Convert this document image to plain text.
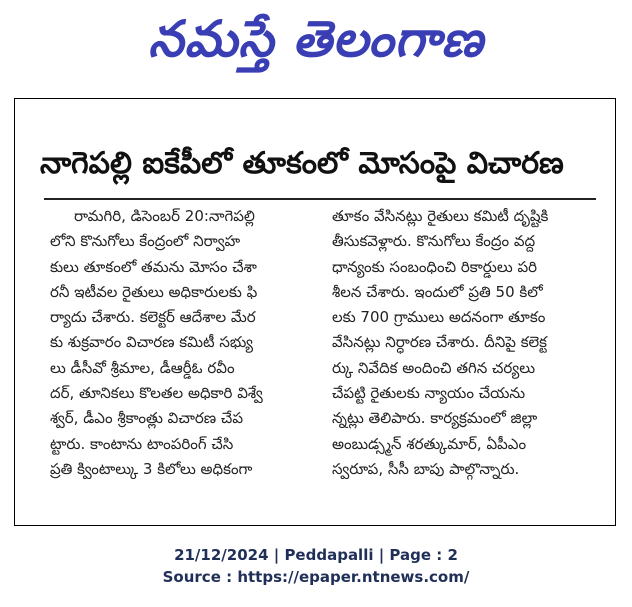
నమస్తే తెలంగాణ
నాగెపల్లి ఐకేపీలో తూకంలో మోసంపై విచారణ
రామగిరి, డిసెంబర్ 20:నాగెపల్లి
లోని కొనుగోలు కేంద్రంలో నిర్వాహ
కులు తూకంలో తమను మోసం చేశా
రనీ ఇటీవల రైతులు అధికారులకు ఫి
ర్యాదు చేశారు. కలెక్టర్ ఆదేశాల మేర
కు శుక్రవారం విచారణ కమిటీ సభ్యు
లు డీసీవో శ్రీమాల, డీఆర్డీఓ రవీం
దర్, తూనికలు కొలతల అధికారి విశ్వే
శ్వర్, డీఎం శ్రీకాంత్లు విచారణ చేప
ట్టారు. కాంటాను టాంపరింగ్ చేసి
ప్రతి క్వింటాల్కు 3 కిలోలు అధికంగా
తూకం వేసినట్లు రైతులు కమిటీ దృష్టికి
తీసుకవెళ్లారు. కొనుగోలు కేంద్రం వద్ద
ధాన్యంకు సంబంధించి రికార్డులు పరి
శీలన చేశారు. ఇందులో ప్రతి 50 కిలో
లకు 700 గ్రాములు అదనంగా తూకం
వేసినట్లు నిర్ధారణ చేశారు. దీనిపై కలెక్ట
ర్కు నివేదిక అందించి తగిన చర్యలు
చేపట్టి రైతులకు న్యాయం చేయను
న్నట్లు తెలిపారు. కార్యక్రమంలో జిల్లా
అంబుడ్స్మన్ శరత్కుమార్, ఏపీఎం
స్వరూప, సీసీ బాపు పాల్గొన్నారు.
21/12/2024 | Peddapalli | Page : 2
Source : https://epaper.ntnews.com/
